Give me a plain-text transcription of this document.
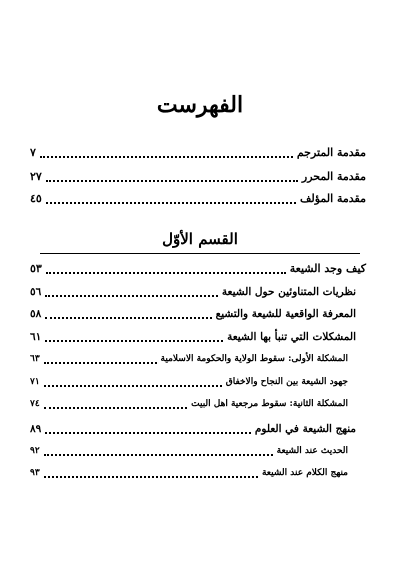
الفهرست
مقدمة المترجم
٧
مقدمة المحرر
٢٧
مقدمة المؤلف
٤٥
القسم الأوّل
كيف وجد الشيعة
٥٣
نظريات المتناوئين حول الشيعة
٥٦
المعرفة الواقعية للشيعة والتشيع
٥٨
المشكلات التي تنبأ بها الشيعة
٦١
المشكلة الأولى: سقوط الولاية والحكومة الاسلامية
٦٣
جهود الشيعة بين النجاح والاخفاق
٧١
المشكلة الثانية: سقوط مرجعية اهل البيت
٧٤
منهج الشيعة في العلوم
٨٩
الحديث عند الشيعة
٩٢
منهج الكلام عند الشيعة
٩٣
